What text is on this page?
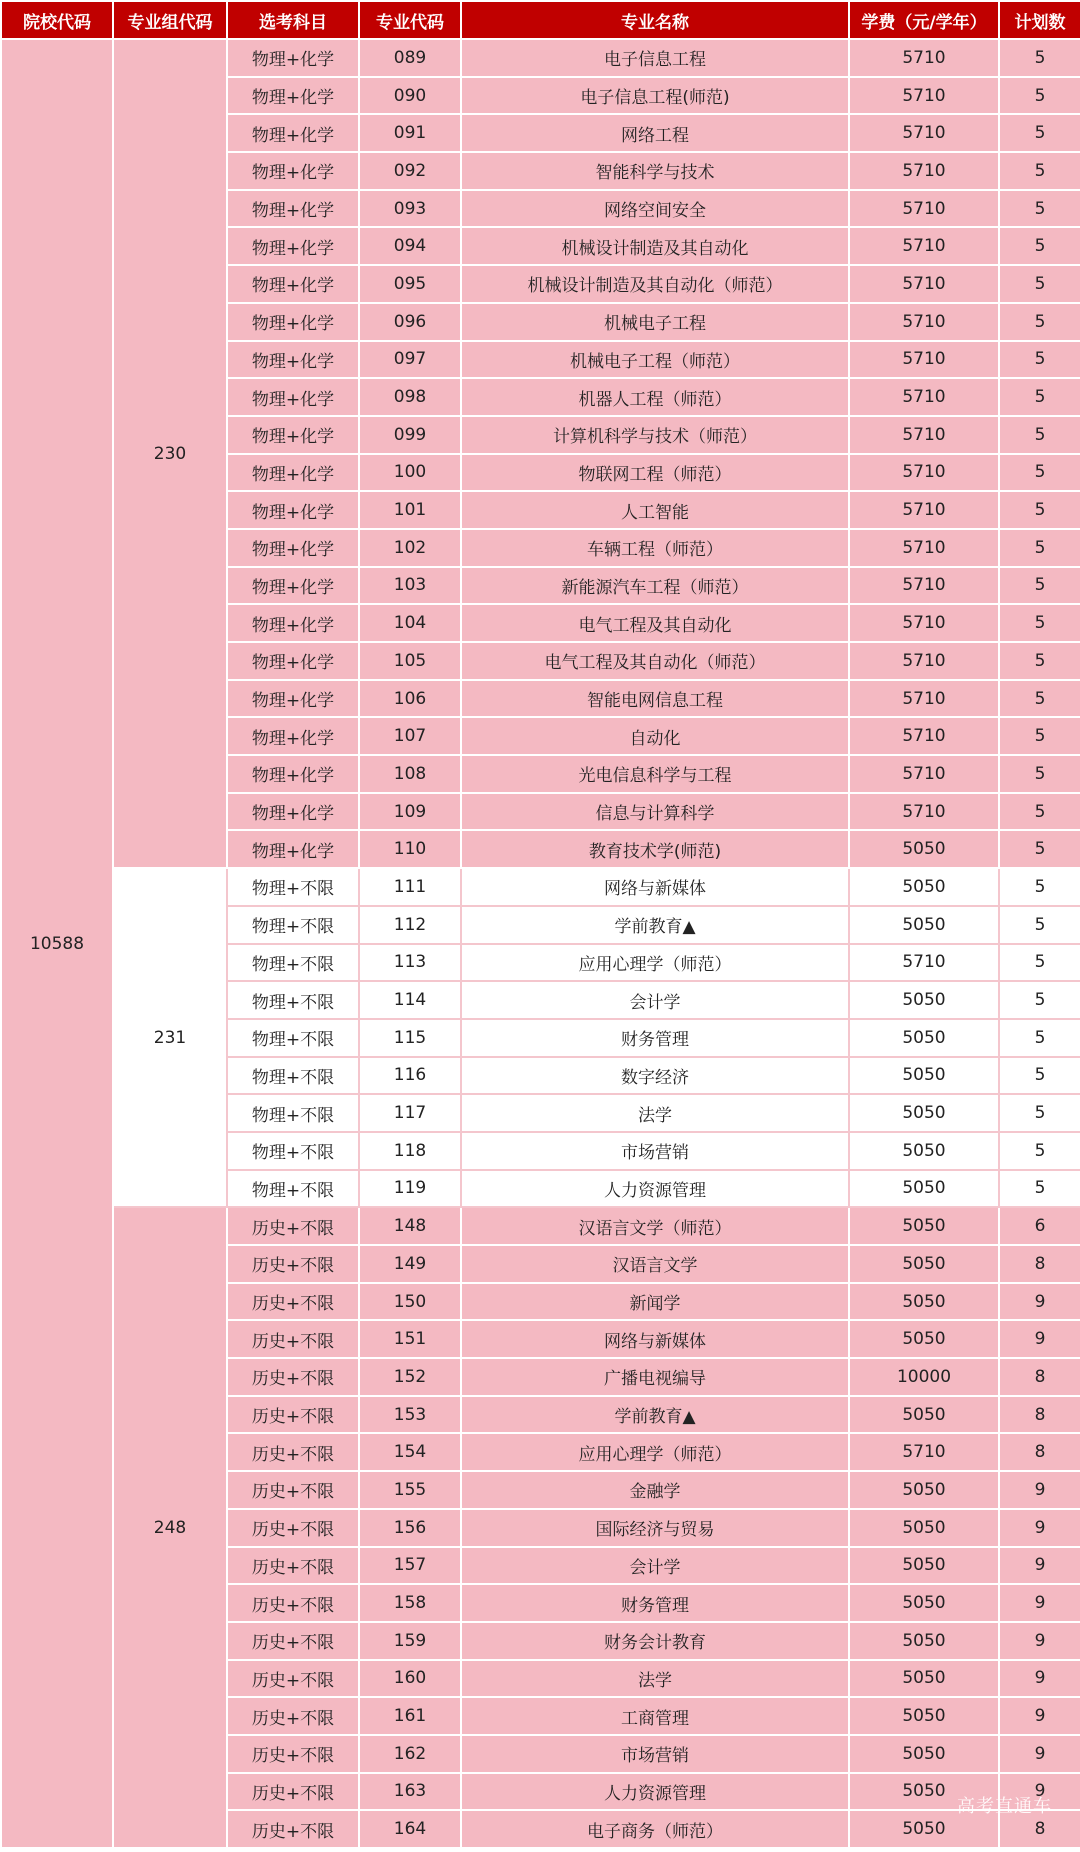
院校代码	专业组代码	选考科目	专业代码	专业名称	学费（元/学年）	计划数
10588	230	物理+化学	089	电子信息工程	5710	5
		物理+化学	090	电子信息工程(师范)	5710	5
		物理+化学	091	网络工程	5710	5
		物理+化学	092	智能科学与技术	5710	5
		物理+化学	093	网络空间安全	5710	5
		物理+化学	094	机械设计制造及其自动化	5710	5
		物理+化学	095	机械设计制造及其自动化（师范）	5710	5
		物理+化学	096	机械电子工程	5710	5
		物理+化学	097	机械电子工程（师范）	5710	5
		物理+化学	098	机器人工程（师范）	5710	5
		物理+化学	099	计算机科学与技术（师范）	5710	5
		物理+化学	100	物联网工程（师范）	5710	5
		物理+化学	101	人工智能	5710	5
		物理+化学	102	车辆工程（师范）	5710	5
		物理+化学	103	新能源汽车工程（师范）	5710	5
		物理+化学	104	电气工程及其自动化	5710	5
		物理+化学	105	电气工程及其自动化（师范）	5710	5
		物理+化学	106	智能电网信息工程	5710	5
		物理+化学	107	自动化	5710	5
		物理+化学	108	光电信息科学与工程	5710	5
		物理+化学	109	信息与计算科学	5710	5
		物理+化学	110	教育技术学(师范)	5050	5
	231	物理+不限	111	网络与新媒体	5050	5
		物理+不限	112	学前教育▲	5050	5
		物理+不限	113	应用心理学（师范）	5710	5
		物理+不限	114	会计学	5050	5
		物理+不限	115	财务管理	5050	5
		物理+不限	116	数字经济	5050	5
		物理+不限	117	法学	5050	5
		物理+不限	118	市场营销	5050	5
		物理+不限	119	人力资源管理	5050	5
	248	历史+不限	148	汉语言文学（师范）	5050	6
		历史+不限	149	汉语言文学	5050	8
		历史+不限	150	新闻学	5050	9
		历史+不限	151	网络与新媒体	5050	9
		历史+不限	152	广播电视编导	10000	8
		历史+不限	153	学前教育▲	5050	8
		历史+不限	154	应用心理学（师范）	5710	8
		历史+不限	155	金融学	5050	9
		历史+不限	156	国际经济与贸易	5050	9
		历史+不限	157	会计学	5050	9
		历史+不限	158	财务管理	5050	9
		历史+不限	159	财务会计教育	5050	9
		历史+不限	160	法学	5050	9
		历史+不限	161	工商管理	5050	9
		历史+不限	162	市场营销	5050	9
		历史+不限	163	人力资源管理	5050	9
		历史+不限	164	电子商务（师范）	5050	8
高考直通车
